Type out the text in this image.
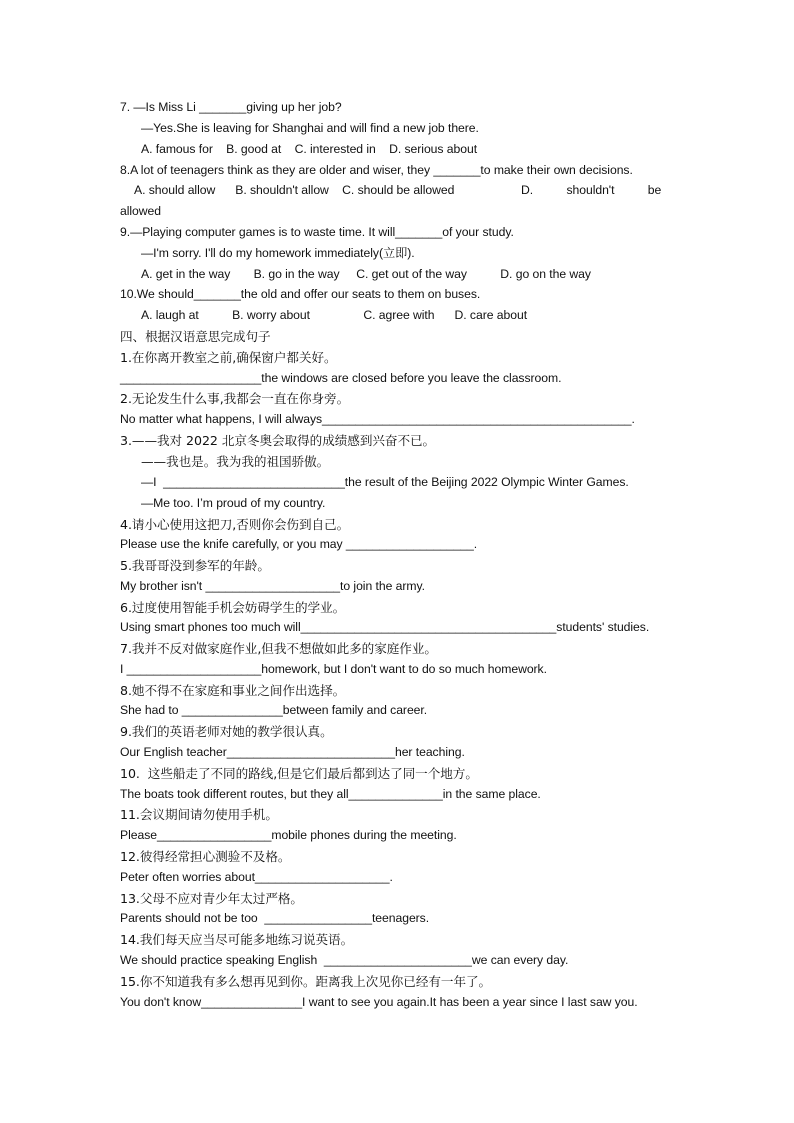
7. —Is Miss Li _______giving up her job?
—Yes.She is leaving for Shanghai and will find a new job there.
A. famous for    B. good at    C. interested in    D. serious about
8.A lot of teenagers think as they are older and wiser, they _______to make their own decisions.
A. should allow      B. shouldn't allow    C. should be allowed                    D.          shouldn't          be
allowed
9.—Playing computer games is to waste time. It will_______of your study.
—I'm sorry. I'll do my homework immediately(立即).
A. get in the way       B. go in the way     C. get out of the way          D. go on the way
10.We should_______the old and offer our seats to them on buses.
A. laugh at          B. worry about                C. agree with      D. care about
四、根据汉语意思完成句子
1.在你离开教室之前,确保窗户都关好。
_____________________the windows are closed before you leave the classroom.
2.无论发生什么事,我都会一直在你身旁。
No matter what happens, I will always______________________________________________.
3.——我对 2022 北京冬奥会取得的成绩感到兴奋不已。
——我也是。我为我的祖国骄傲。
—I  ___________________________the result of the Beijing 2022 Olympic Winter Games.
—Me too. I’m proud of my country.
4.请小心使用这把刀,否则你会伤到自己。
Please use the knife carefully, or you may ___________________.
5.我哥哥没到参军的年龄。
My brother isn't ____________________to join the army.
6.过度使用智能手机会妨碍学生的学业。
Using smart phones too much will______________________________________students' studies.
7.我并不反对做家庭作业,但我不想做如此多的家庭作业。
I ____________________homework, but I don't want to do so much homework.
8.她不得不在家庭和事业之间作出选择。
She had to _______________between family and career.
9.我们的英语老师对她的教学很认真。
Our English teacher_________________________her teaching.
10.  这些船走了不同的路线,但是它们最后都到达了同一个地方。
The boats took different routes, but they all______________in the same place.
11.会议期间请勿使用手机。
Please_________________mobile phones during the meeting.
12.彼得经常担心测验不及格。
Peter often worries about____________________.
13.父母不应对青少年太过严格。
Parents should not be too  ________________teenagers.
14.我们每天应当尽可能多地练习说英语。
We should practice speaking English  ______________________we can every day.
15.你不知道我有多么想再见到你。距离我上次见你已经有一年了。
You don't know_______________I want to see you again.It has been a year since I last saw you.
